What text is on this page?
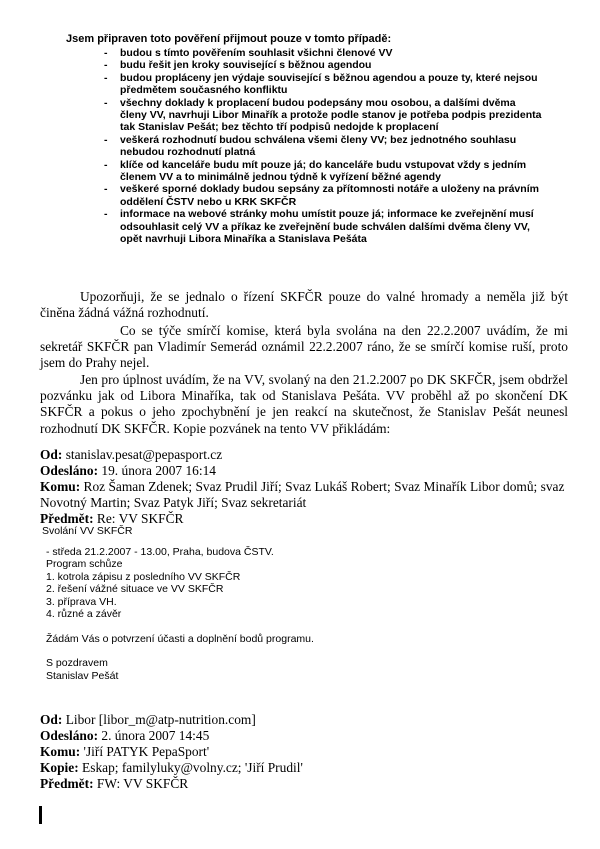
Jsem připraven toto pověření přijmout pouze v tomto případě:

- budou s tímto pověřením souhlasit všichni členové VV
- budu řešit jen kroky související s běžnou agendou
- budou propláceny jen výdaje související s běžnou agendou a pouze ty, které nejsou předmětem současného konfliktu
- všechny doklady k proplacení budou podepsány mou osobou, a dalšími dvěma členy VV, navrhuji Libor Minařík a protože podle stanov je potřeba podpis prezidenta tak Stanislav Pešát; bez těchto tří podpisů nedojde k proplacení
- veškerá rozhodnutí budou schválena všemi členy VV; bez jednotného souhlasu nebudou rozhodnutí platná
- klíče od kanceláře budu mít pouze já; do kanceláře budu vstupovat vždy s jedním členem VV a to minimálně jednou týdně k vyřízení běžné agendy
- veškeré sporné doklady budou sepsány za přítomnosti notáře a uloženy na právním oddělení ČSTV nebo u KRK SKFČR
- informace na webové stránky mohu umístit pouze já; informace ke zveřejnění musí odsouhlasit celý VV a příkaz ke zveřejnění bude schválen dalšími dvěma členy VV, opět navrhuji Libora Minaříka a Stanislava Pešáta

Upozorňuji, že se jednalo o řízení SKFČR pouze do valné hromady a neměla již být činěna žádná vážná rozhodnutí.

Co se týče smírčí komise, která byla svolána na den 22.2.2007 uvádím, že mi sekretář SKFČR pan Vladimír Semerád oznámil 22.2.2007 ráno, že se smírčí komise ruší, proto jsem do Prahy nejel.

Jen pro úplnost uvádím, že na VV, svolaný na den 21.2.2007 po DK SKFČR, jsem obdržel pozvánku jak od Libora Minaříka, tak od Stanislava Pešáta. VV proběhl až po skončení DK SKFČR a pokus o jeho zpochybnění je jen reakcí na skutečnost, že Stanislav Pešát neunesl rozhodnutí DK SKFČR. Kopie pozvánek na tento VV přikládám:

Od: stanislav.pesat@pepasport.cz

Odesláno: 19. února 2007 16:14

Komu: Roz Šaman Zdenek; Svaz Prudil Jiří; Svaz Lukáš Robert; Svaz Minařík Libor domů; svaz Novotný Martin; Svaz Patyk Jiří; Svaz sekretariát

Předmět: Re: VV SKFČR

Svolání VV SKFČR

- středa 21.2.2007 - 13.00, Praha, budova ČSTV.

Program schůze

1. kotrola zápisu z posledního VV SKFČR

2. řešení vážné situace ve VV SKFČR

3. příprava VH.

4. různé a závěr

Žádám Vás o potvrzení účasti a doplnění bodů programu.

S pozdravem

Stanislav Pešát

Od: Libor [libor_m@atp-nutrition.com]

Odesláno: 2. února 2007 14:45

Komu: 'Jiří PATYK PepaSport'

Kopie: Eskap; familyluky@volny.cz; 'Jiří Prudil'

Předmět: FW: VV SKFČR
